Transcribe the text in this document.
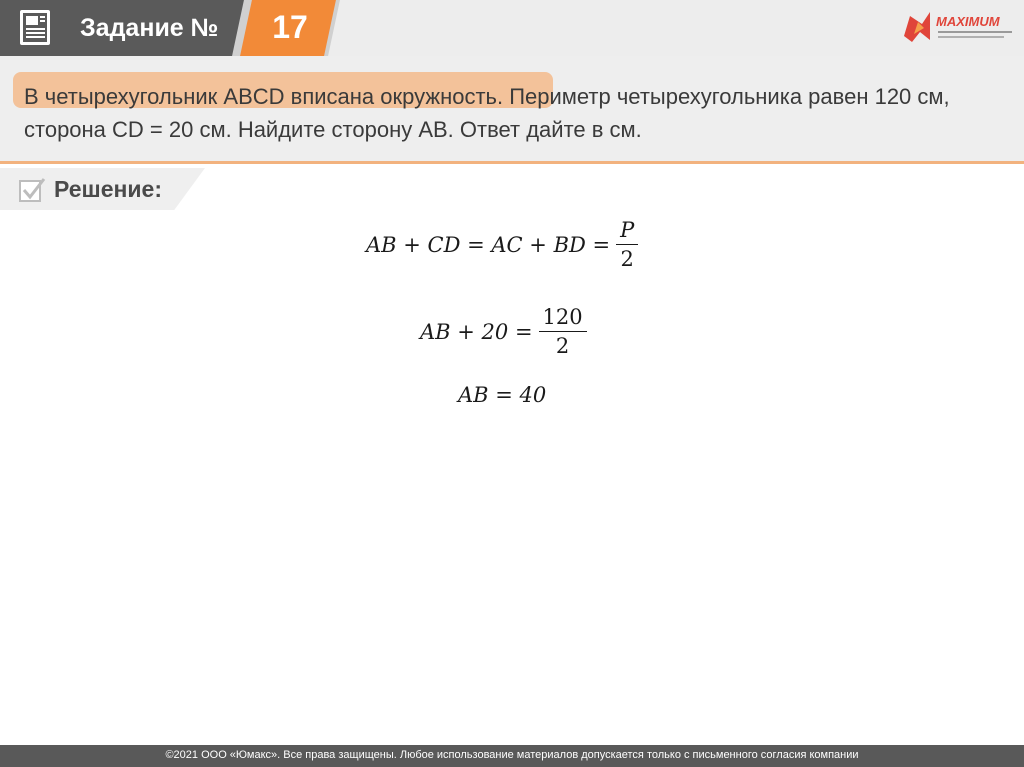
Задание №	17	MAXIMUM
В четырехугольник ABCD вписана окружность. Периметр четырехугольника равен 120 см, сторона CD = 20 см. Найдите сторону AB. Ответ дайте в см.
Решение:
AB + CD = AC + BD = $\frac{P}{2}$
AB + $20 = \frac{120}{2}$
AB = 40
©2021 ООО «Юмакс». Все права защищены. Любое использование материалов допускается только с письменного согласия компании
